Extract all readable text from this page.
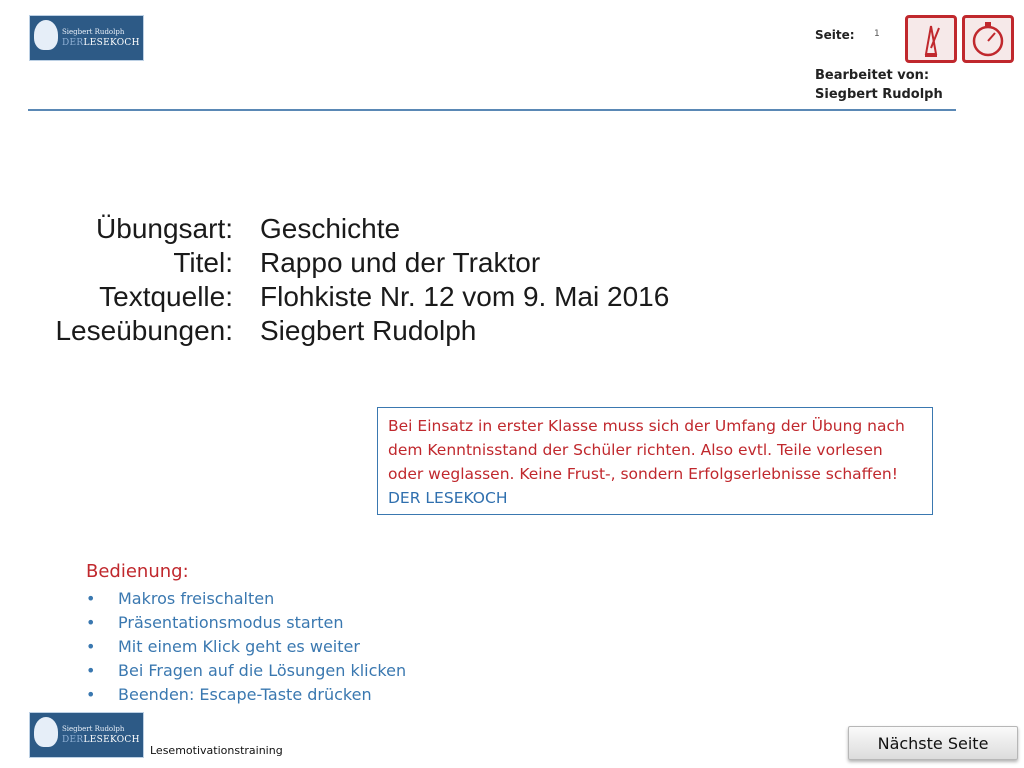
Siegbert Rudolph
DERLESEKOCH
Seite: 1
Bearbeitet von:
Siegbert Rudolph
Übungsart: Geschichte
Titel: Rappo und der Traktor
Textquelle: Flohkiste Nr. 12 vom 9. Mai 2016
Leseübungen: Siegbert Rudolph
Bei Einsatz in erster Klasse muss sich der Umfang der Übung nach dem Kenntnisstand der Schüler richten. Also evtl. Teile vorlesen oder weglassen. Keine Frust-, sondern Erfolgserlebnisse schaffen! DER LESEKOCH
Bedienung:
• Makros freischalten
• Präsentationsmodus starten
• Mit einem Klick geht es weiter
• Bei Fragen auf die Lösungen klicken
• Beenden: Escape-Taste drücken
Siegbert Rudolph
DERLESEKOCH
Lesemotivationstraining	Nächste Seite
